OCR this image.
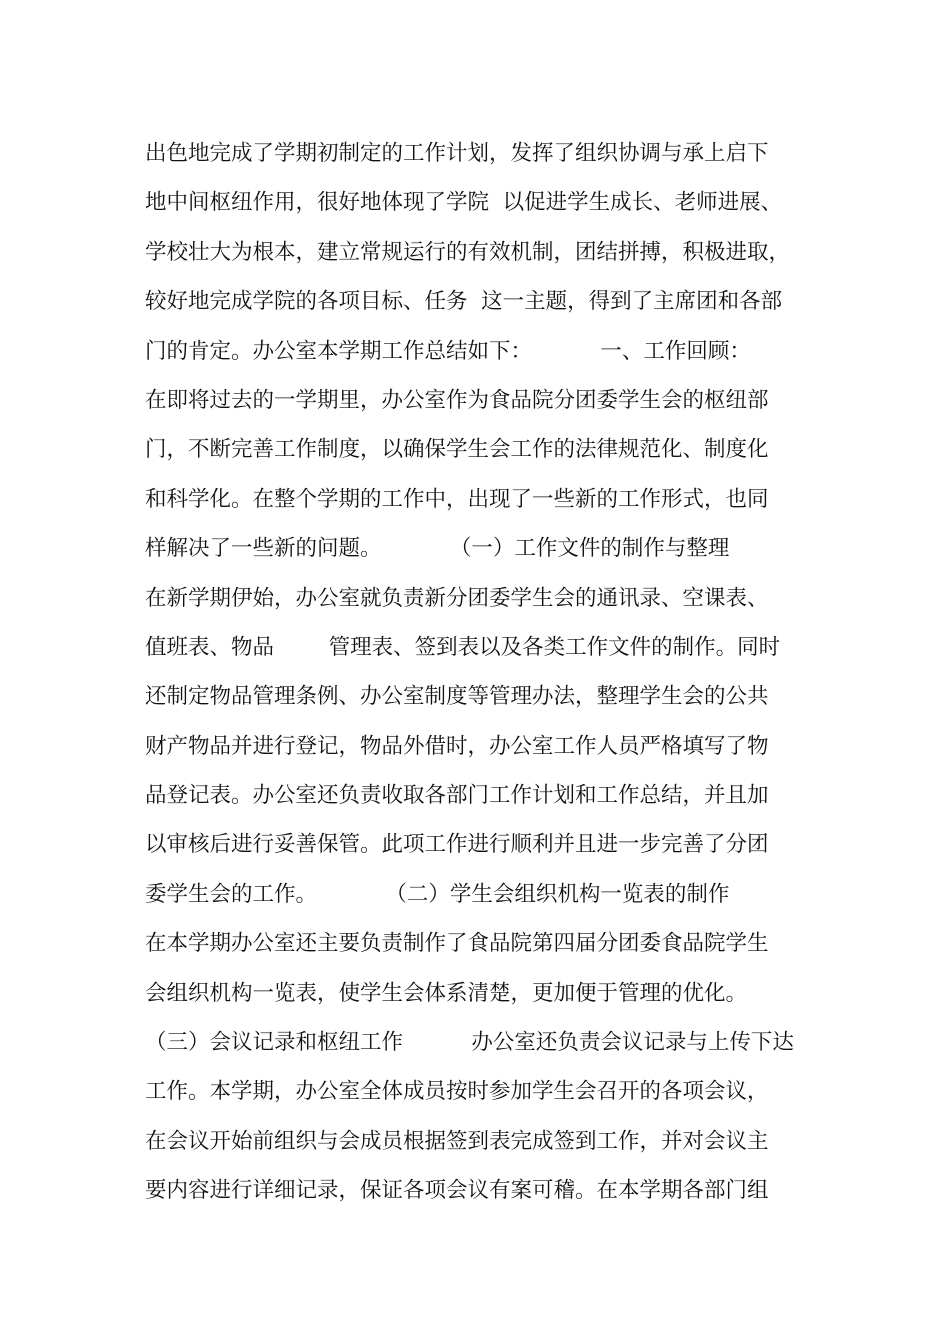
出色地完成了学期初制定的工作计划，发挥了组织协调与承上启下
地中间枢纽作用，很好地体现了学院  以促进学生成长、老师进展、
学校壮大为根本，建立常规运行的有效机制，团结拼搏，积极进取，
较好地完成学院的各项目标、任务  这一主题，得到了主席团和各部
门的肯定。办公室本学期工作总结如下：          一、工作回顾：
在即将过去的一学期里，办公室作为食品院分团委学生会的枢纽部
门，不断完善工作制度，以确保学生会工作的法律规范化、制度化
和科学化。在整个学期的工作中，出现了一些新的工作形式，也同
样解决了一些新的问题。          （一）工作文件的制作与整理
在新学期伊始，办公室就负责新分团委学生会的通讯录、空课表、
值班表、物品        管理表、签到表以及各类工作文件的制作。同时
还制定物品管理条例、办公室制度等管理办法，整理学生会的公共
财产物品并进行登记，物品外借时，办公室工作人员严格填写了物
品登记表。办公室还负责收取各部门工作计划和工作总结，并且加
以审核后进行妥善保管。此项工作进行顺利并且进一步完善了分团
委学生会的工作。          （二）学生会组织机构一览表的制作
在本学期办公室还主要负责制作了食品院第四届分团委食品院学生
会组织机构一览表，使学生会体系清楚，更加便于管理的优化。
（三）会议记录和枢纽工作          办公室还负责会议记录与上传下达
工作。本学期，办公室全体成员按时参加学生会召开的各项会议，
在会议开始前组织与会成员根据签到表完成签到工作，并对会议主
要内容进行详细记录，保证各项会议有案可稽。在本学期各部门组
